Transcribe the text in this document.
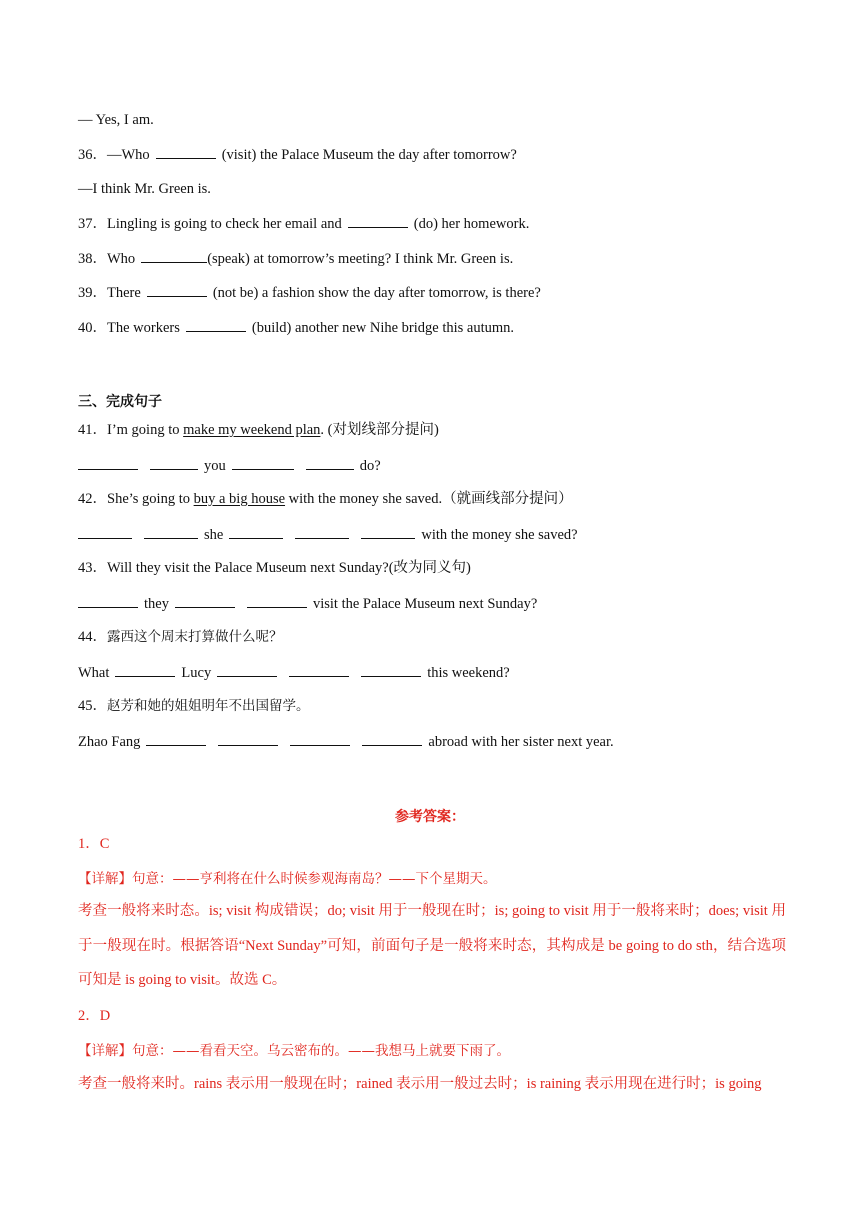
— Yes, I am.
36．—Who	(visit) the Palace Museum the day after tomorrow?
—I think Mr. Green is.
37．Lingling is going to check her email and	(do) her homework.
38．Who	(speak) at tomorrow’s meeting? I think Mr. Green is.
39．There	(not be) a fashion show the day after tomorrow, is there?
40．The workers	(build) another new Nihe bridge this autumn.
三、完成句子
41．I’m going to make my weekend plan. (对划线部分提问)
you	do?
42．She’s going to buy a big house with the money she saved.（就画线部分提问）
she	with the money she saved?
43．Will they visit the Palace Museum next Sunday?(改为同义句)
they	visit the Palace Museum next Sunday?
44．露西这个周末打算做什么呢？
What	Lucy	this weekend?
45．赵芳和她的姐姐明年不出国留学。
Zhao Fang	abroad with her sister next year.
参考答案：
1．C
【详解】句意：——亨利将在什么时候参观海南岛？——下个星期天。
考查一般将来时态。is; visit 构成错误；do; visit 用于一般现在时；is; going to visit 用于一般将来时；does; visit 用于一般现在时。根据答语“Next Sunday”可知，前面句子是一般将来时态，其构成是 be going to do sth，结合选项可知是 is going to visit。故选 C。
2．D
【详解】句意：——看看天空。乌云密布的。——我想马上就要下雨了。
考查一般将来时。rains 表示用一般现在时；rained 表示用一般过去时；is raining 表示用现在进行时；is going
